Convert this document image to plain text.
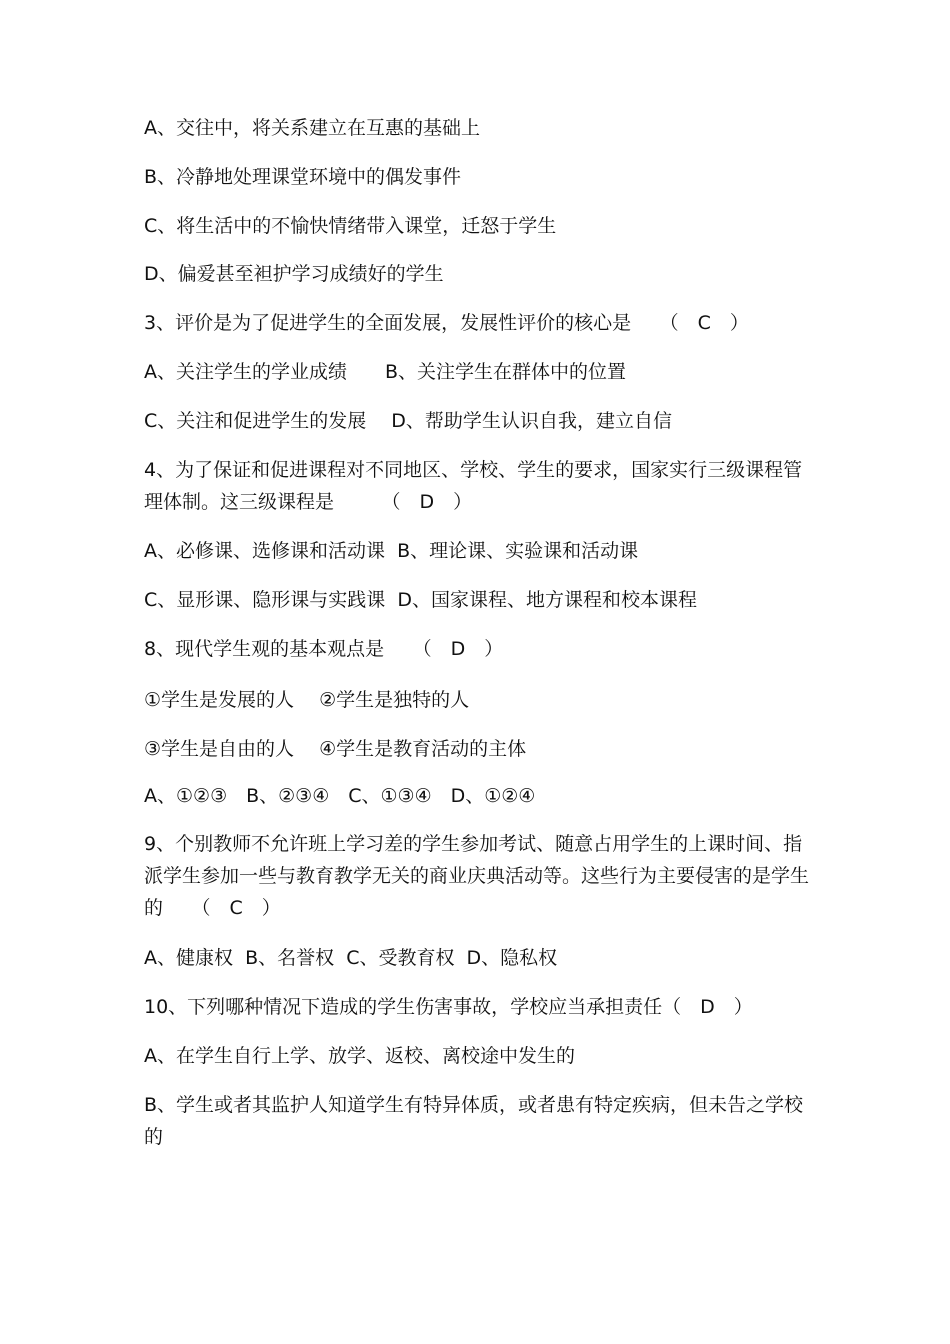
A、交往中，将关系建立在互惠的基础上
B、冷静地处理课堂环境中的偶发事件
C、将生活中的不愉快情绪带入课堂，迁怒于学生
D、偏爱甚至袒护学习成绩好的学生
3、评价是为了促进学生的全面发展，发展性评价的核心是　　（　C　）
A、关注学生的学业成绩　　B、关注学生在群体中的位置
C、关注和促进学生的发展　 D、帮助学生认识自我，建立自信
4、为了保证和促进课程对不同地区、学校、学生的要求，国家实行三级课程管理体制。这三级课程是　　　（　D　）
A、必修课、选修课和活动课  B、理论课、实验课和活动课
C、显形课、隐形课与实践课  D、国家课程、地方课程和校本课程
8、现代学生观的基本观点是　　（　D　）
①学生是发展的人　 ②学生是独特的人
③学生是自由的人　 ④学生是教育活动的主体
A、①②③　B、②③④　C、①③④　D、①②④
9、个别教师不允许班上学习差的学生参加考试、随意占用学生的上课时间、指派学生参加一些与教育教学无关的商业庆典活动等。这些行为主要侵害的是学生的　　（　C　）
A、健康权  B、名誉权  C、受教育权  D、隐私权
10、下列哪种情况下造成的学生伤害事故，学校应当承担责任（　D　）
A、在学生自行上学、放学、返校、离校途中发生的
B、学生或者其监护人知道学生有特异体质，或者患有特定疾病，但未告之学校的
